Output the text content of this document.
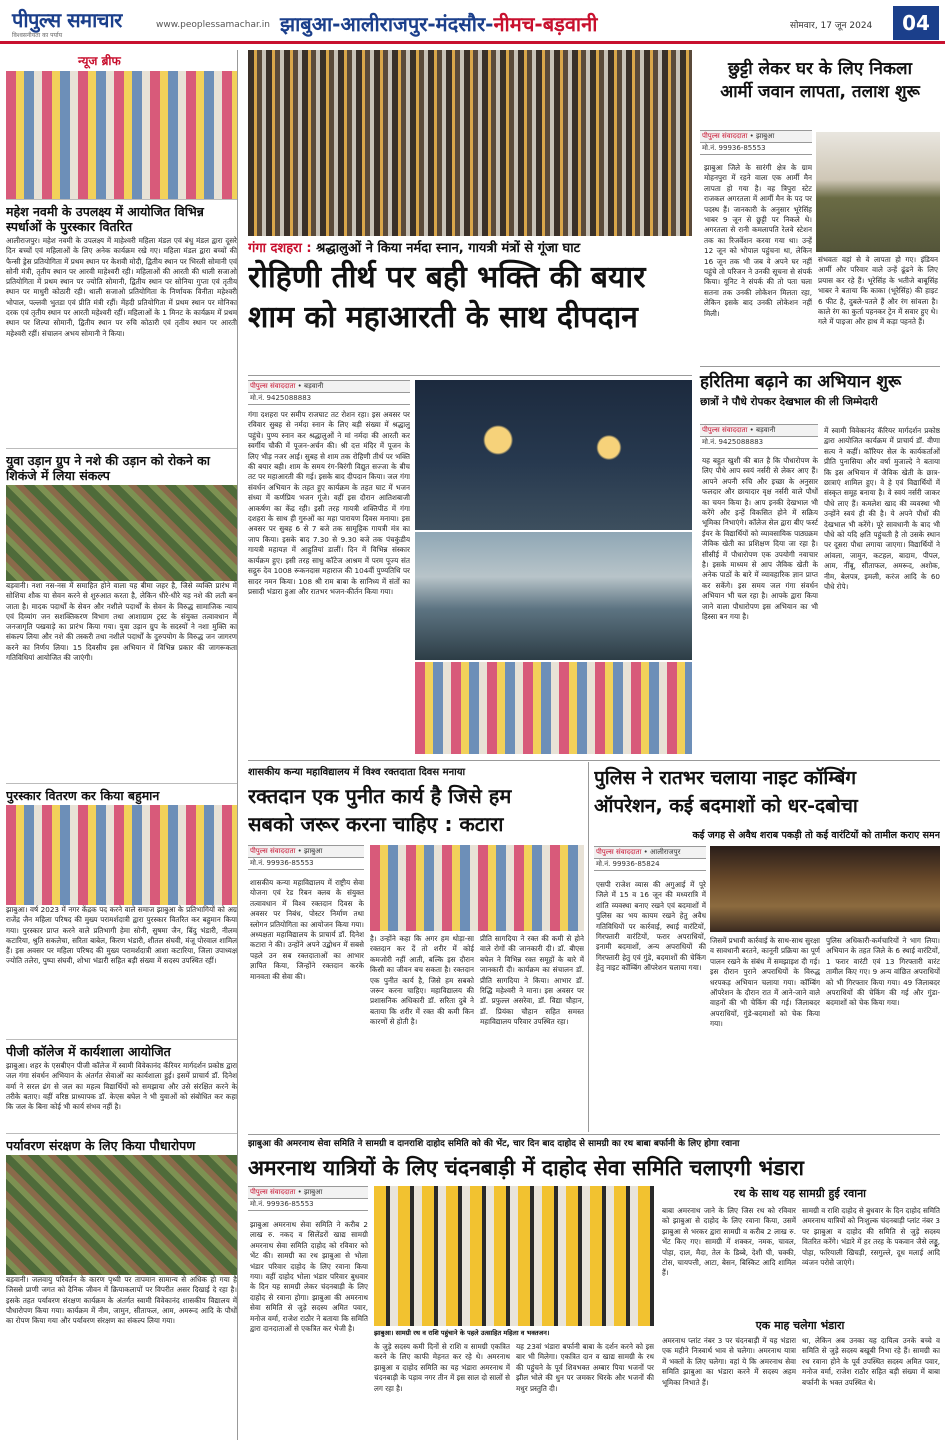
पीपुल्स समाचार
विश्वसनीयता का पर्याय
www.peoplessamachar.in झाबुआ-आलीराजपुर-मंदसौर-नीमच-बड़वानी	सोमवार, 17 जून 2024	04
न्यूज ब्रीफ
महेश नवमी के उपलक्ष्य में आयोजित विभिन्न स्पर्धाओं के पुरस्कार वितरित
आलीराजपुर। महेश नवमी के उपलक्ष्य में माहेश्वरी महिला मंडल एवं बंधु मंडल द्वारा दूसरे दिन बच्चों एवं महिलाओं के लिए अनेक कार्यक्रम रखे गए। महिला मंडल द्वारा बच्चों की फैन्सी ड्रेस प्रतियोगिता में प्रथम स्थान पर केशवी मोदी, द्वितीय स्थान पर भिरली सोमानी एवं सोनी मंत्री, तृतीय स्थान पर आरवी माहेश्वरी रही। महिलाओं की आरती की थाली सजाओ प्रतियोगिता में प्रथम स्थान पर ज्योति सोमानी, द्वितीय स्थान पर सोनिया गुप्ता एवं तृतीय स्थान पर माधुरी कोठारी रही। थाली सजाओ प्रतियोगिता के निर्णायक विनीता महेश्वरी भोपाल, पल्लवी भुतडा एवं प्रीति मंत्री रहीं। मेंहदी प्रतियोगिता में प्रथम स्थान पर मोनिका दरक एवं तृतीय स्थान पर आरती महेश्वरी रहीं। महिलाओं के 1 मिनट के कार्यक्रम में प्रथम स्थान पर शिल्पा सोमानी, द्वितीय स्थान पर रुचि कोठारी एवं तृतीय स्थान पर आरती महेश्वरी रहीं। संचालन अभय सोमानी ने किया।
युवा उड़ान ग्रुप ने नशे की उड़ान को रोकने का शिकंजे में लिया संकल्प
बड़वानी। नशा नस-नस में समाहित होने वाला यह बीमा जहर है, जिसे व्यक्ति प्रारंभ में सोशिया शौक या सेवन करने से शुरुआत करता है, लेकिन धीरे-धीरे यह नशे की लती बन जाता है। मादक पदार्थों के सेवन और नशीले पदार्थों के सेवन के विरुद्ध सामाजिक न्याय एवं दिव्यांग जन सशक्तिकरण विभाग तथा आशाग्राम ट्रस्ट के संयुक्त तत्वावधान में जनजागृति पखवाड़े का प्रारंभ किया गया। युवा उड़ान ग्रुप के सदस्यों ने नशा मुक्ति का संकल्प लिया और नशे की तस्करी तथा नशीले पदार्थों के दुरुपयोग के विरुद्ध जन जागरण करने का निर्णय लिया। 15 दिवसीय इस अभियान में विभिन्न प्रकार की जागरूकता गतिविधियां आयोजित की जाएंगी।
पुरस्कार वितरण कर किया बहुमान
झाबुआ। वर्ष 2023 में नगर केंद्रक पद करने वाले समाज झाबुआ के प्रतिभागियों को अग्र राजेंद्र जैन महिला परिषद की मुख्य परामर्शदात्री द्वारा पुरस्कार वितरित कर बहुमान किया गया। पुरस्कार प्राप्त करने वाले प्रतिभागी हेमा सोनी, सुषमा जैन, बिंदु भंडारी, नीलम कटारिया, श्रुति सकलेचा, सरिता बाबेल, किरण भंडारी, शीतल संघवी, मंजू पोरवाल शामिल हैं। इस अवसर पर महिला परिषद की मुख्य परामर्शदात्री आशा कटारिया, जिला उपाध्यक्ष ज्योति तलेरा, पुष्पा संघवी, शोभा भंडारी सहित बड़ी संख्या में सदस्य उपस्थित रहीं।
पीजी कॉलेज में कार्यशाला आयोजित
झाबुआ। शहर के एसबीएन पीजी कॉलेज में स्वामी विवेकानंद कॅरियर मार्गदर्शन प्रकोष्ठ द्वारा जल गंगा संवर्धन अभियान के अंतर्गत सेवाओं का कार्यशाला हुई। इसमें प्राचार्य डॉ. दिनेश वर्मा ने सरल ढंग से जल का महत्व विद्यार्थियों को समझाया और उसे संरक्षित करने के तरीके बताए। वहीं वरिष्ठ प्राध्यापक डॉ. केएस बघेल ने भी युवाओं को संबोधित कर कहा कि जल के बिना कोई भी कार्य संभव नहीं है।
पर्यावरण संरक्षण के लिए किया पौधारोपण
बड़वानी। जलवायु परिवर्तन के कारण पृथ्वी पर तापमान सामान्य से अधिक हो गया है जिससे प्राणी जगत को दैनिक जीवन में क्रियाकलापों पर विपरीत असर दिखाई दे रहा है। इसके तहत पर्यावरण संरक्षण कार्यक्रम के अंतर्गत स्वामी विवेकानंद शासकीय विद्यालय में पौधारोपण किया गया। कार्यक्रम में नीम, जामुन, सीताफल, आम, अमरूद आदि के पौधों का रोपण किया गया और पर्यावरण संरक्षण का संकल्प लिया गया।
गंगा दशहरा : श्रद्धालुओं ने किया नर्मदा स्नान, गायत्री मंत्रों से गूंजा घाट
रोहिणी तीर्थ पर बही भक्ति की बयार
शाम को महाआरती के साथ दीपदान
पीपुल्स संवाददाता • बड़वानी
मो.नं. 9425088883
गंगा दशहरा पर समीप राजघाट तट रोशन रहा। इस अवसर पर रविवार सुबह से नर्मदा स्नान के लिए बड़ी संख्या में श्रद्धालु पहुंचे। पुण्य स्नान कर श्रद्धालुओं ने मां नर्मदा की आरती कर स्वर्गीय चौकी में पूजन-अर्चन की। श्री दत्त मंदिर में पूजन के लिए भीड़ नजर आई। सुबह से शाम तक रोहिणी तीर्थ पर भक्ति की बयार बही। शाम के समय रंग-बिरंगी विद्युत सज्जा के बीच तट पर महाआरती की गई। इसके बाद दीपदान किया। जल गंगा संवर्धन अभियान के तहत हुए कार्यक्रम के तहत घाट में भजन संध्या में कर्णप्रिय भजन गूंजे। वहीं इस दौरान आतिशबाजी आकर्षण का केंद्र रही। इसी तरह गायत्री शक्तिपीठ में गंगा दशहरा के साथ ही गुरुओं का महा पारायण दिवस मनाया। इस अवसर पर सुबह 6 से 7 बजे तक सामूहिक गायत्री मंत्र का जाप किया। इसके बाद 7.30 से 9.30 बजे तक पंचकुंडीय गायत्री महायज्ञ में आहुतियां डालीं। दिन में विभिन्न संस्कार कार्यक्रम हुए। इसी तरह साधु कॉटेज आश्रम में परम पूज्य संत सद्गुरु देव 1008 रूकनदास महाराज की 104वीं पुण्यतिथि पर सादर नमन किया। 108 श्री राम बाबा के सानिध्य में संतों का प्रसादी भंडारा हुआ और रातभर भजन-कीर्तन किया गया।
छुट्टी लेकर घर के लिए निकला
आर्मी जवान लापता, तलाश शुरू
पीपुल्स संवाददाता • झाबुआ
मो.नं. 99936-85553
झाबुआ जिले के सारंगी क्षेत्र के ग्राम मोहनपुरा में रहने वाला एक आर्मी मैन लापता हो गया है। वह त्रिपुरा स्टेट राजकल अगरतला में आर्मी मैन के पद पर पदस्थ हैं। जानकारी के अनुसार भूरेसिंह भाबर 9 जून से छुट्टी पर निकले थे। अगरतला से रानी कमलापति रेलवे स्टेशन तक का रिजर्वेशन करवा गया था। उन्हें 12 जून को भोपाल पहुंचना था, लेकिन 16 जून तक भी जब वे अपने घर नहीं पहुंचे तो परिजन ने उनकी सूचना से संपर्क किया। यूनिट ने संपर्क की तो पता चला सतना तक उनकी लोकेशन मिलता रहा, लेकिन इसके बाद उनकी लोकेशन नहीं मिली।
संभवतः वहां से वे लापता हो गए। इंडियन आर्मी और परिवार वाले उन्हें ढूंढने के लिए प्रयास कर रहे हैं। भूरेसिंह के भतीजे बाबूसिंह भाबर ने बताया कि काका (भूरेसिंह) की हाइट 6 फीट है, दुबले-पतले हैं और रंग सांवला है। काले रंग का कुर्ता पहनकर ट्रेन में सवार हुए थे। गले में पाइजा और हाथ में कड़ा पहनते हैं।
हरितिमा बढ़ाने का अभियान शुरू
छात्रों ने पौधे रोपकर देखभाल की ली जिम्मेदारी
पीपुल्स संवाददाता • बड़वानी
मो.नं. 9425088883
यह बहुत खुशी की बात है कि पौधारोपण के लिए पौधे आप स्वयं नर्सरी से लेकर आए हैं। आपने अपनी रुचि और इच्छा के अनुसार फलदार और छायादार वृक्ष नर्सरी वाले पौधों का चयन किया है। आप इनकी देखभाल भी करेंगे और इन्हें विकसित होने में सक्रिय भूमिका निभाएंगे। कॉलेज सेल द्वारा बीए फर्स्ट ईयर के विद्यार्थियों को व्यावसायिक पाठ्यक्रम जैविक खेती का प्रशिक्षण दिया जा रहा है। सीसीई में पौधारोपण एक उपयोगी नवाचार है। इसके माध्यम से आप जैविक खेती के अनेक पाठों के बारे में व्यावहारिक ज्ञान प्राप्त कर सकेंगे। इस समय जल गंगा संवर्धन अभियान भी चल रहा है। आपके द्वारा किया जाने वाला पौधारोपण इस अभियान का भी हिस्सा बन गया है।
में स्वामी विवेकानंद कॅरियर मार्गदर्शन प्रकोष्ठ द्वारा आयोजित कार्यक्रम में प्राचार्य डॉ. वीणा सत्य ने कहीं। कॉरियर सेल के कार्यकर्ताओं प्रीति पुनासिया और वर्षा मुजाल्दे ने बताया कि इस अभियान में जैविक खेती के छात्र-छात्राएं शामिल हुए। वे हे एवं विद्यार्थियों में संस्कृत समूह बनाया है। वे स्वयं नर्सरी जाकर पौधे लाए हैं। कमलेश खाद की व्यवस्था भी उन्होंने स्वयं ही की है। ये अपने पौधों की देखभाल भी करेंगे। पूरे सावधानी के बाद भी पौधे को यदि क्षति पहुंचती है तो उसके स्थान पर दूसरा पौधा लगाया जाएगा। विद्यार्थियों ने आंवला, जामुन, कटहल, बादाम, पीपल, आम, नींबू, सीताफल, अमरूद, अशोक, नीम, बेलपत्र, इमली, करंज आदि के 60 पौधे रोपे।
शासकीय कन्या महाविद्यालय में विश्व रक्तदाता दिवस मनाया
रक्तदान एक पुनीत कार्य है जिसे हम
सबको जरूर करना चाहिए : कटारा
पीपुल्स संवाददाता • झाबुआ
मो.नं. 99936-85553
शासकीय कन्या महाविद्यालय में राष्ट्रीय सेवा योजना एवं रेड रिबन क्लब के संयुक्त तत्वावधान में विश्व रक्तदान दिवस के अवसर पर निबंध, पोस्टर निर्माण तथा स्लोगन प्रतियोगिता का आयोजन किया गया। अध्यक्षता महाविद्यालय के प्राचार्य डॉ. दिनेश कटारा ने की। उन्होंने अपने उद्बोधन में सबसे पहले उन सब रक्तदाताओं का आभार ज्ञापित किया, जिन्होंने रक्तदान करके मानवता की सेवा की।
है। उन्होंने कहा कि अगर हम थोड़ा-सा रक्तदान कर दें तो शरीर में कोई कमजोरी नहीं आती, बल्कि इस दौरान किसी का जीवन बच सकता है। रक्तदान एक पुनीत कार्य है, जिसे हम सबको जरूर करना चाहिए। महाविद्यालय की प्रशासनिक अधिकारी डॉ. सरिता दुबे ने बताया कि शरीर में रक्त की कमी किन कारणों से होती है।
प्रीति सागदिया ने रक्त की कमी से होने वाले रोगों की जानकारी दी। डॉ. बीएस बघेल ने विभिन्न रक्त समूहों के बारे में जानकारी दी। कार्यक्रम का संचालन डॉ. प्रीति सागदिया ने किया। आभार डॉ. रिद्धि महेश्वरी ने माना। इस अवसर पर डॉ. प्रफुल्ल असरेवा, डॉ. विद्या चौहान, डॉ. प्रियंका चौहान सहित समस्त महाविद्यालय परिवार उपस्थित रहा।
पुलिस ने रातभर चलाया नाइट कॉम्बिंग
ऑपरेशन, कई बदमाशों को धर-दबोचा
कई जगह से अवैध शराब पकड़ी तो कई वारंटियों को तामील कराए समन
पीपुल्स संवाददाता • आलीराजपुर
मो.नं. 99936-85824
एसपी राजेश व्यास की अगुआई में पूरे जिले में 15 व 16 जून की मध्यरात्रि में शांति व्यवस्था बनाए रखने एवं बदमाशों में पुलिस का भय कायम रखने हेतु अवैध गतिविधियों पर कार्रवाई, स्थाई वारंटियों, गिरफ्तारी वारंटियों, फरार अपराधियों, इनामी बदमाशों, अन्य अपराधियों की गिरफ्तारी हेतु एवं गुंडे, बदमाशों की चेकिंग हेतु नाइट कॉम्बिंग ऑपरेशन चलाया गया।
जिसमें प्रभावी कार्रवाई के साथ-साथ सुरक्षा व सावधानी बरतने, कानूनी प्रक्रिया का पूर्ण पालन रखने के संबंध में समझाइश दी गई। इस दौरान पुराने अपराधियों के विरुद्ध धरपकड़ अभियान चलाया गया। कॉम्बिंग ऑपरेशन के दौरान रात में आने-जाने वाले वाहनों की भी चेकिंग की गई। जिलाबदर अपराधियों, गुंडे-बदमाशों को चेक किया गया।
पुलिस अधिकारी-कर्मचारियों ने भाग लिया। अभियान के तहत जिले के 6 स्थाई वारंटियों, 1 फरार वारंटी एवं 13 गिरफ्तारी वारंट तामील किए गए। 9 अन्य वांछित अपराधियों को भी गिरफ्तार किया गया। 49 जिलाबदर अपराधियों की चेकिंग की गई और गुंडा-बदमाशों को चेक किया गया।
झाबुआ की अमरनाथ सेवा समिति ने सामग्री व दानराशि दाहोद समिति को की भेंट, चार दिन बाद दाहोद से सामग्री का रथ बाबा बर्फानी के लिए होगा रवाना
अमरनाथ यात्रियों के लिए चंदनबाड़ी में दाहोद सेवा समिति चलाएगी भंडारा
पीपुल्स संवाददाता • झाबुआ
मो.नं. 99936-85553
झाबुआ अमरनाथ सेवा समिति ने करीब 2 लाख रु. नकद व सिलेंडरों खाद्य सामग्री अमरनाथ सेवा समिति दाहोद को रविवार को भेंट की। सामग्री का रथ झाबुआ से भोला भंडार परिवार दाहोद के लिए रवाना किया गया। वहीं दाहोद भोला भंडार परिवार बुधवार के दिन यह सामग्री लेकर चंदनबाड़ी के लिए दाहोद से रवाना होगा। झाबुआ की अमरनाथ सेवा समिति से जुड़े सदस्य अमित पवार, मनोज वर्मा, राजेश राठौर ने बताया कि समिति द्वारा दानदाताओं से एकत्रित कर भेजी है।	झाबुआ। सामग्री रथ व राशि पहुंचाने के पहले उत्साहित महिला व भक्तजन।
के जुड़े सदस्य कमी दिनों से राशि व सामग्री एकत्रित करने के लिए काफी मेहनत कर रहे थे। अमरनाथ झाबुआ व दाहोद समिति का यह भंडारा अमरनाथ में चंदनबाड़ी के पड़ाव नगर तीन में इस साल दो सालों से लग रहा है।
यह 23वां भंडारा बर्फानी बाबा के दर्शन करने को इस बार भी मिलेगा। एकत्रित दान व खाद्य सामग्री के रथ की पहुंचने के पूर्व शिवभक्त अम्बार पिया भजनों पर झील भोले की धुन पर जमकर थिरके और भजनों की मधुर प्रस्तुति दी।
रथ के साथ यह सामग्री हुई रवाना
बाबा अमरनाथ जाने के लिए जिस रथ को रविवार को झाबुआ से दाहोद के लिए रवाना किया, उसमें झाबुआ से भरकर द्वारा सामग्री व करीब 2 लाख रु. भेंट किए गए। सामग्री में शक्कर, नमक, चावल, पोहा, दाल, मैदा, तेल के डिब्बे, देशी घी, चक्की, टोस, चायपत्ती, आटा, बेसन, बिस्किट आदि शामिल हैं।
सामग्री व राशि दाहोद से बुधवार के दिन दाहोद समिति अमरनाथ यात्रियों को निःशुल्क चंदनबाड़ी प्लांट नंबर 3 पर झाबुआ व दाहोद की समिति से जुड़े सदस्य वितरित करेंगे। भंडारे में हर तरह के पकवान जैसे लड्डू, पोहा, फरियाली खिचड़ी, रसगुल्ले, दूध मलाई आदि व्यंजन परोसे जाएंगे।
एक माह चलेगा भंडारा
अमरनाथ प्लांट नंबर 3 पर चंदनबाड़ी में यह भंडारा एक महीने निःस्वार्थ भाव से चलेगा। अमरनाथ यात्रा में भक्तों के लिए चलेगा। वहां ये कि अमरनाथ सेवा समिति झाबुआ का भंडारा करने में सदस्य अहम भूमिका निभाते हैं।
था, लेकिन अब उनका यह दायित्व उनके बच्चे व समिति से जुड़े सदस्य बखूबी निभा रहे हैं। सामग्री का रथ रवाना होने के पूर्व उपस्थित सदस्य अमित पवार, मनोज वर्मा, राजेश राठौर सहित बड़ी संख्या में बाबा बर्फानी के भक्त उपस्थित थे।
